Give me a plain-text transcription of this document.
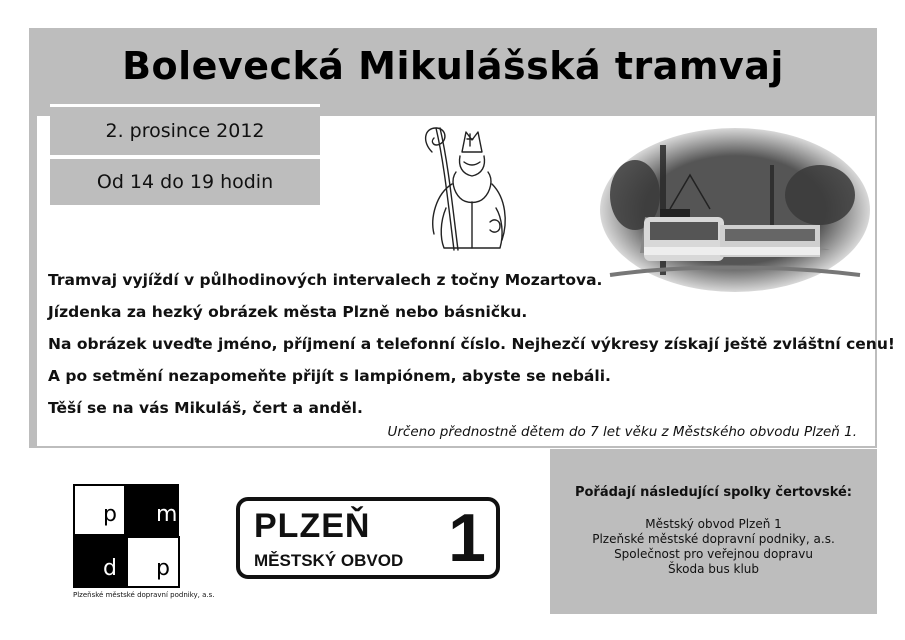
Bolevecká Mikulášská tramvaj
2. prosince 2012
Od 14 do 19 hodin

Tramvaj vyjíždí v půlhodinových intervalech z točny Mozartova.

Jízdenka za hezký obrázek města Plzně nebo básničku.

Na obrázek uveďte jméno, příjmení a telefonní číslo. Nejhezčí výkresy získají ještě zvláštní cenu!

A po setmění nezapomeňte přijít s lampiónem, abyste se nebáli.

Těší se na vás Mikuláš, čert a anděl.

Určeno přednostně dětem do 7 let věku z Městského obvodu Plzeň 1.
p m
d p
Plzeňské městské dopravní podniky, a.s.
PLZEŇ
MĚSTSKÝ OBVOD 1
Pořádají následující spolky čertovské:
Městský obvod Plzeň 1
Plzeňské městské dopravní podniky, a.s.
Společnost pro veřejnou dopravu
Škoda bus klub
